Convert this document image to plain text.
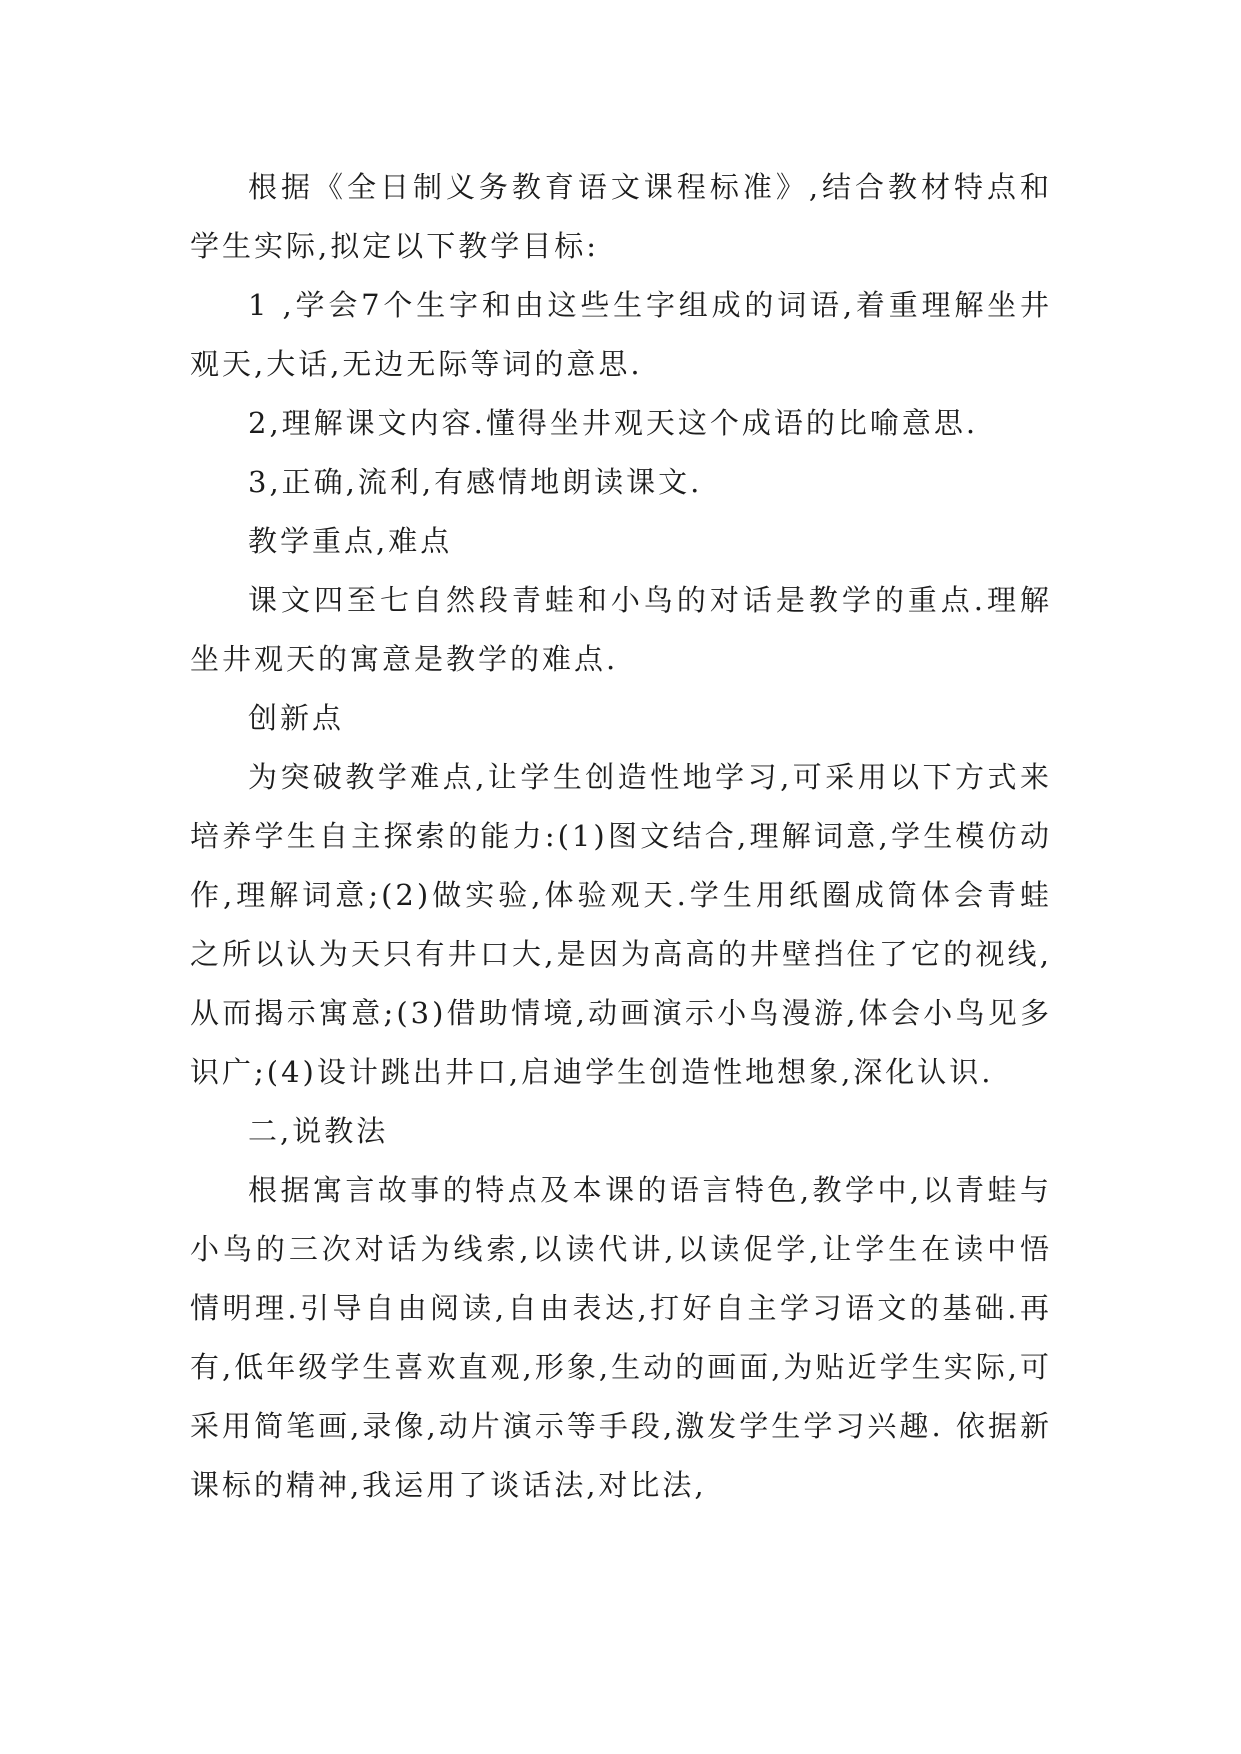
根据《全日制义务教育语文课程标准》,结合教材特点和学生实际,拟定以下教学目标:

1 ,学会7个生字和由这些生字组成的词语,着重理解坐井观天,大话,无边无际等词的意思.

2,理解课文内容.懂得坐井观天这个成语的比喻意思.

3,正确,流利,有感情地朗读课文.

教学重点,难点

课文四至七自然段青蛙和小鸟的对话是教学的重点.理解坐井观天的寓意是教学的难点.

创新点

为突破教学难点,让学生创造性地学习,可采用以下方式来培养学生自主探索的能力:(1)图文结合,理解词意,学生模仿动作,理解词意;(2)做实验,体验观天.学生用纸圈成筒体会青蛙之所以认为天只有井口大,是因为高高的井壁挡住了它的视线,从而揭示寓意;(3)借助情境,动画演示小鸟漫游,体会小鸟见多识广;(4)设计跳出井口,启迪学生创造性地想象,深化认识.

二,说教法

根据寓言故事的特点及本课的语言特色,教学中,以青蛙与小鸟的三次对话为线索,以读代讲,以读促学,让学生在读中悟情明理.引导自由阅读,自由表达,打好自主学习语文的基础.再有,低年级学生喜欢直观,形象,生动的画面,为贴近学生实际,可采用简笔画,录像,动片演示等手段,激发学生学习兴趣. 依据新课标的精神,我运用了谈话法,对比法,
